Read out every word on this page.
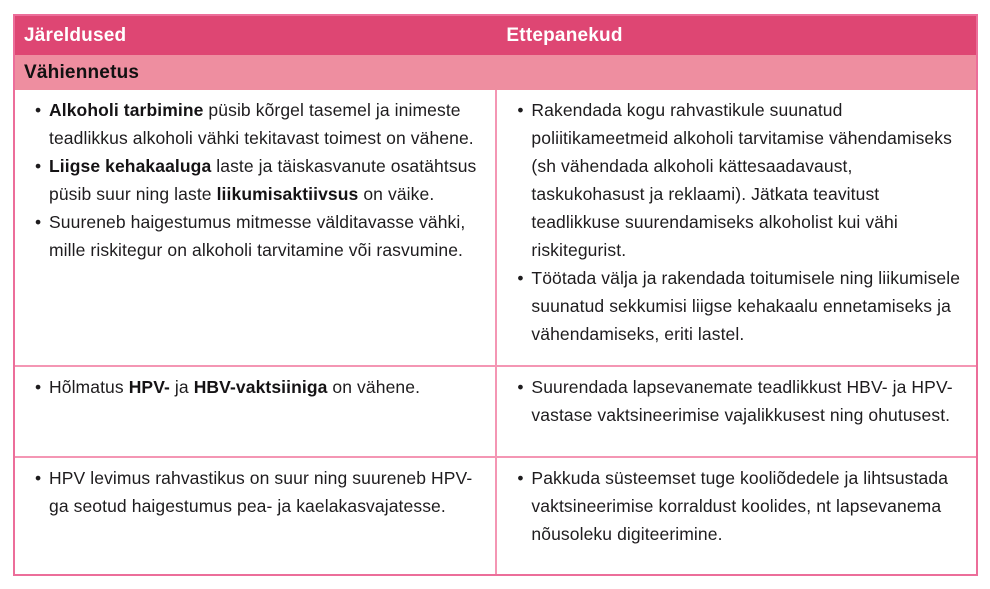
Järeldused	Ettepanekud
Vähiennetus
• Alkoholi tarbimine püsib kõrgel tasemel ja inimeste teadlikkus alkoholi vähki tekitavast toimest on vähene.
• Liigse kehakaaluga laste ja täiskasvanute osatähtsus püsib suur ning laste liikumisaktiivsus on väike.
• Suureneb haigestumus mitmesse välditavasse vähki, mille riskitegur on alkoholi tarvitamine või rasvumine.
• Rakendada kogu rahvastikule suunatud poliitikameetmeid alkoholi tarvitamise vähendamiseks (sh vähendada alkoholi kättesaadavaust, taskukohasust ja reklaami). Jätkata teavitust teadlikkuse suurendamiseks alkoholist kui vähi riskitegurist.
• Töötada välja ja rakendada toitumisele ning liikumisele suunatud sekkumisi liigse kehakaalu ennetamiseks ja vähendamiseks, eriti lastel.
• Hõlmatus HPV- ja HBV-vaktsiiniga on vähene.	• Suurendada lapsevanemate teadlikkust HBV- ja HPV-vastase vaktsineerimise vajalikkusest ning ohutusest.
• HPV levimus rahvastikus on suur ning suureneb HPV-ga seotud haigestumus pea- ja kaelakasvajatesse.
• Pakkuda süsteemset tuge kooliõdedele ja lihtsustada vaktsineerimise korraldust koolides, nt lapsevanema nõusoleku digiteerimine.
